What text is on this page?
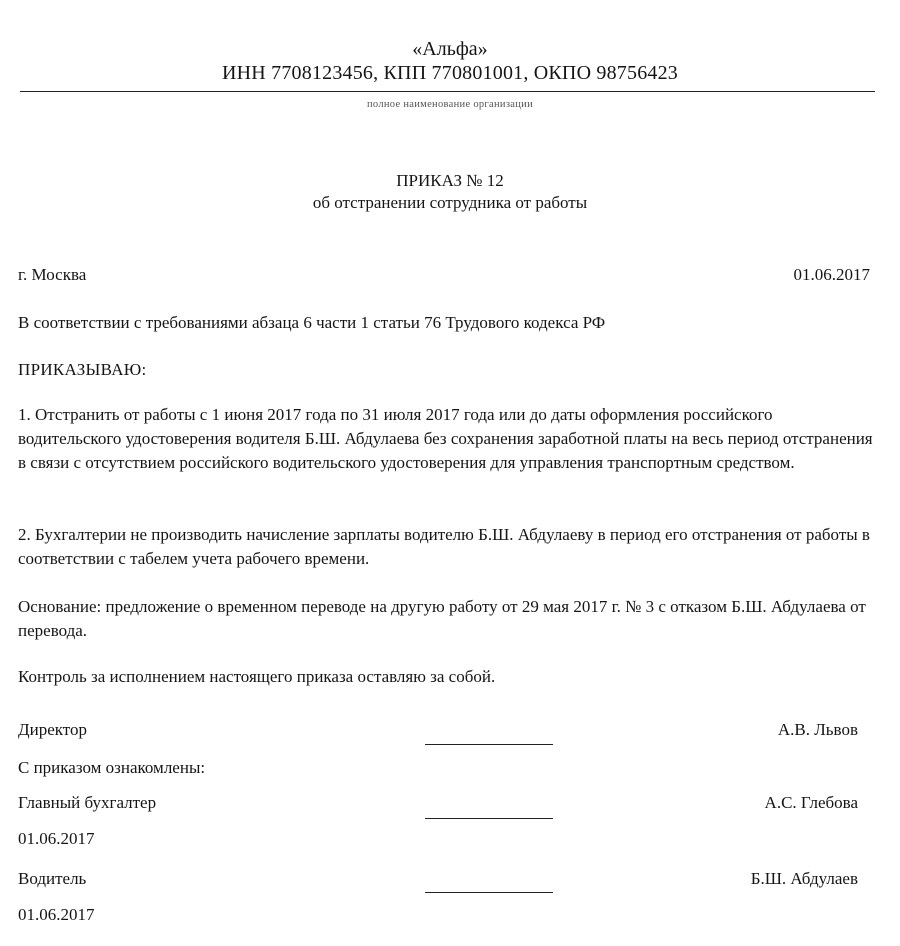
«Альфа»
ИНН 7708123456, КПП 770801001, ОКПО 98756423
полное наименование организации
ПРИКАЗ № 12
об отстранении сотрудника от работы
г. Москва	01.06.2017
В соответствии с требованиями абзаца 6 части 1 статьи 76 Трудового кодекса РФ
ПРИКАЗЫВАЮ:
1. Отстранить от работы с 1 июня 2017 года по 31 июля 2017 года или до даты оформления российского водительского удостоверения водителя Б.Ш. Абдулаева без сохранения заработной платы на весь период отстранения в связи с отсутствием российского водительского удостоверения для управления транспортным средством.
2. Бухгалтерии не производить начисление зарплаты водителю Б.Ш. Абдулаеву в период его отстранения от работы в соответствии с табелем учета рабочего времени.
Основание: предложение о временном переводе на другую работу от 29 мая 2017 г. № 3 с отказом Б.Ш. Абдулаева от перевода.
Контроль за исполнением настоящего приказа оставляю за собой.
Директор	А.В. Львов
С приказом ознакомлены:
Главный бухгалтер	А.С. Глебова
01.06.2017
Водитель	Б.Ш. Абдулаев
01.06.2017
